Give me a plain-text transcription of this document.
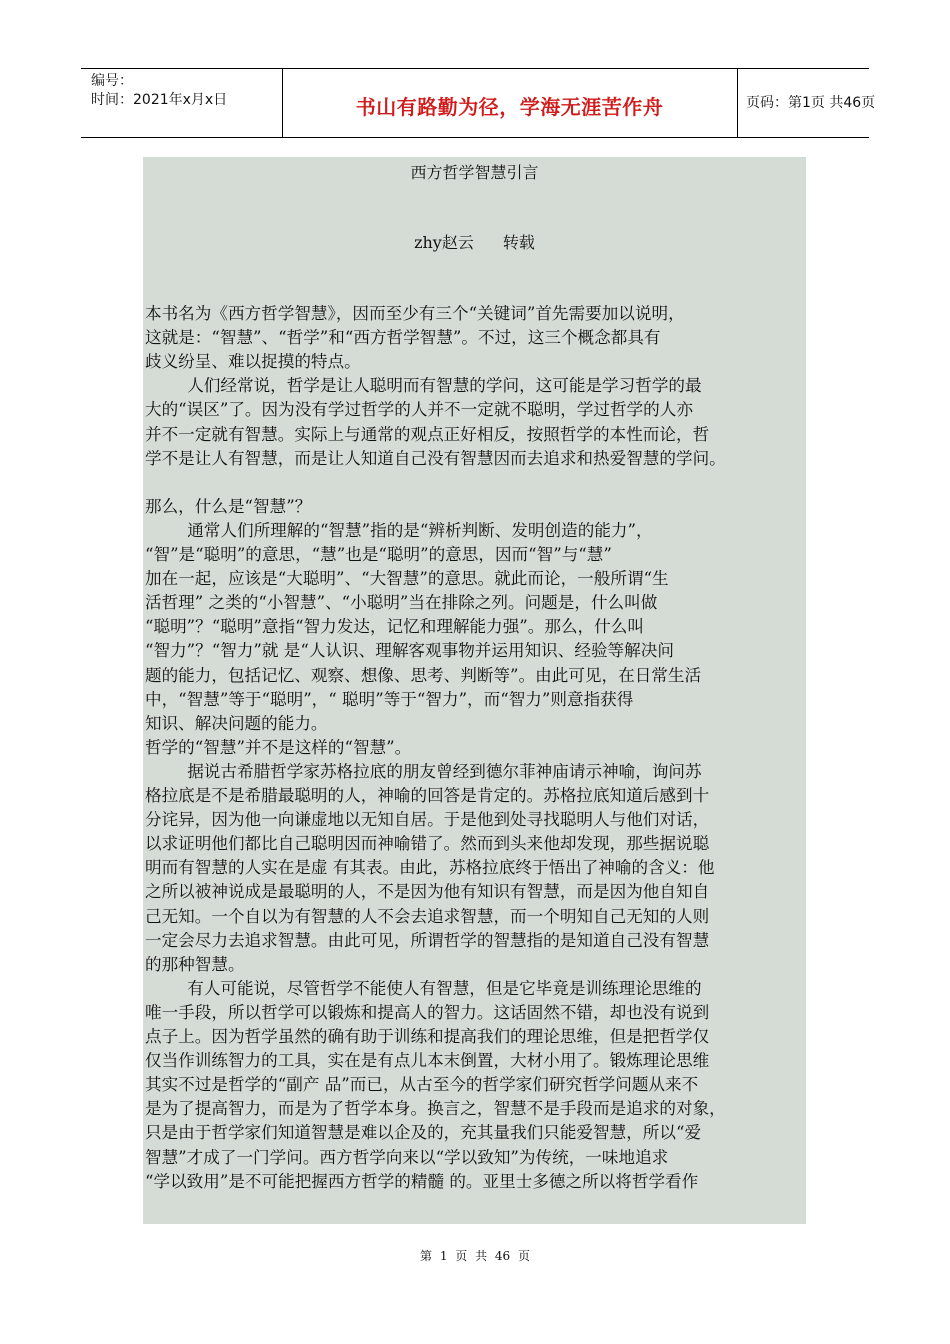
编号：
时间：2021年x月x日	书山有路勤为径，学海无涯苦作舟	页码：第1页 共46页
西方哲学智慧引言
zhy赵云 转载
本书名为《西方哲学智慧》，因而至少有三个“关键词”首先需要加以说明，
这就是：“智慧”、“哲学”和“西方哲学智慧”。不过，这三个概念都具有
歧义纷呈、难以捉摸的特点。
人们经常说，哲学是让人聪明而有智慧的学问，这可能是学习哲学的最
大的“误区”了。因为没有学过哲学的人并不一定就不聪明，学过哲学的人亦
并不一定就有智慧。实际上与通常的观点正好相反，按照哲学的本性而论，哲
学不是让人有智慧，而是让人知道自己没有智慧因而去追求和热爱智慧的学问。
那么，什么是“智慧”？
通常人们所理解的“智慧”指的是“辨析判断、发明创造的能力”，
“智”是“聪明”的意思，“慧”也是“聪明”的意思，因而“智”与“慧”
加在一起，应该是“大聪明”、“大智慧”的意思。就此而论，一般所谓“生
活哲理” 之类的“小智慧”、“小聪明”当在排除之列。问题是，什么叫做
“聪明”？“聪明”意指“智力发达，记忆和理解能力强”。那么，什么叫
“智力”？“智力”就 是“人认识、理解客观事物并运用知识、经验等解决问
题的能力，包括记忆、观察、想像、思考、判断等”。由此可见，在日常生活
中，“智慧”等于“聪明”，“ 聪明”等于“智力”，而“智力”则意指获得
知识、解决问题的能力。
哲学的“智慧”并不是这样的“智慧”。
据说古希腊哲学家苏格拉底的朋友曾经到德尔菲神庙请示神喻，询问苏
格拉底是不是希腊最聪明的人，神喻的回答是肯定的。苏格拉底知道后感到十
分诧异，因为他一向谦虚地以无知自居。于是他到处寻找聪明人与他们对话，
以求证明他们都比自己聪明因而神喻错了。然而到头来他却发现，那些据说聪
明而有智慧的人实在是虚 有其表。由此，苏格拉底终于悟出了神喻的含义：他
之所以被神说成是最聪明的人，不是因为他有知识有智慧，而是因为他自知自
己无知。一个自以为有智慧的人不会去追求智慧，而一个明知自己无知的人则
一定会尽力去追求智慧。由此可见，所谓哲学的智慧指的是知道自己没有智慧
的那种智慧。
有人可能说，尽管哲学不能使人有智慧，但是它毕竟是训练理论思维的
唯一手段，所以哲学可以锻炼和提高人的智力。这话固然不错，却也没有说到
点子上。因为哲学虽然的确有助于训练和提高我们的理论思维，但是把哲学仅
仅当作训练智力的工具，实在是有点儿本末倒置，大材小用了。锻炼理论思维
其实不过是哲学的“副产 品”而已，从古至今的哲学家们研究哲学问题从来不
是为了提高智力，而是为了哲学本身。换言之，智慧不是手段而是追求的对象，
只是由于哲学家们知道智慧是难以企及的，充其量我们只能爱智慧，所以“爱
智慧”才成了一门学问。西方哲学向来以“学以致知”为传统，一味地追求
“学以致用”是不可能把握西方哲学的精髓 的。亚里士多德之所以将哲学看作
第 1 页 共 46 页
